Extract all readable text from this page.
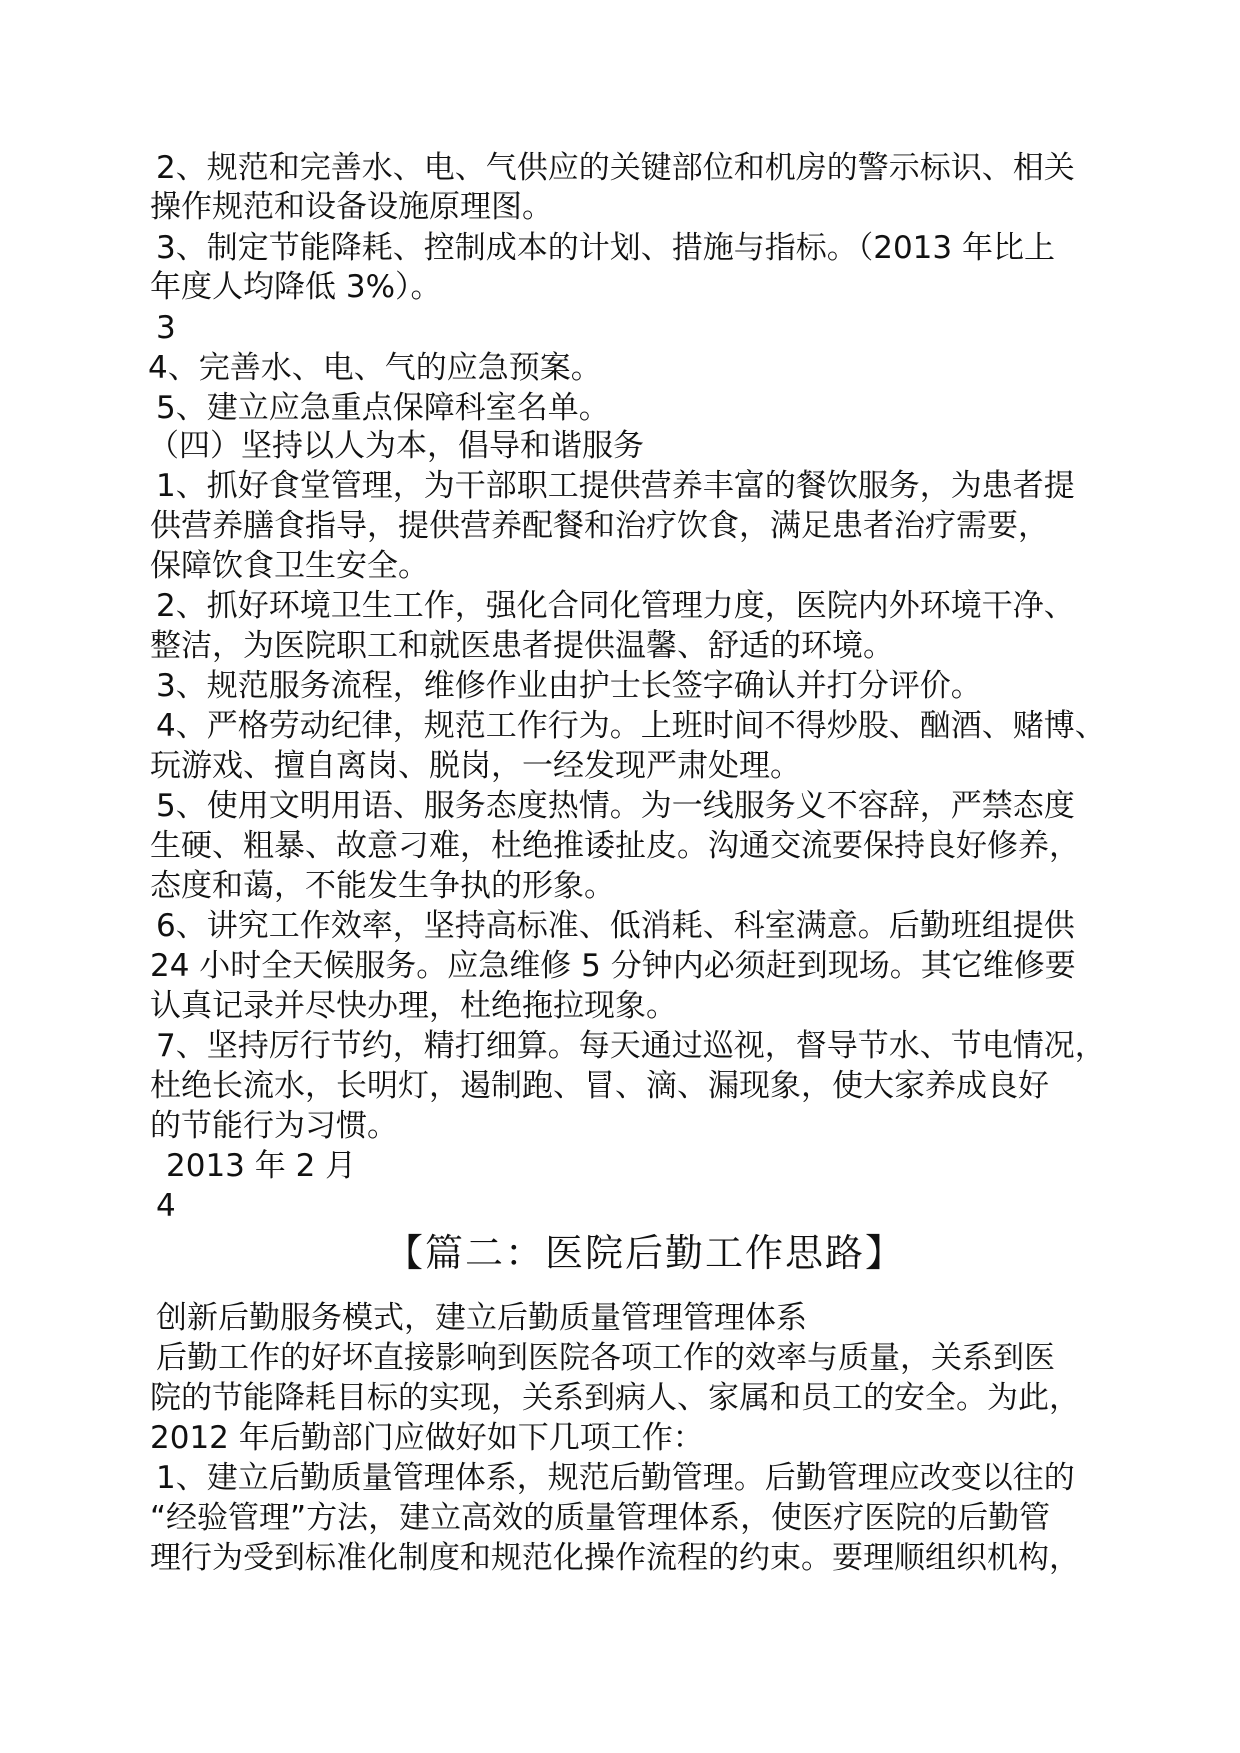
2、规范和完善水、电、气供应的关键部位和机房的警示标识、相关
操作规范和设备设施原理图。
3、制定节能降耗、控制成本的计划、措施与指标。（2013 年比上
年度人均降低 3%）。
3
4、完善水、电、气的应急预案。
5、建立应急重点保障科室名单。
（四）坚持以人为本，倡导和谐服务
1、抓好食堂管理，为干部职工提供营养丰富的餐饮服务，为患者提
供营养膳食指导，提供营养配餐和治疗饮食，满足患者治疗需要，
保障饮食卫生安全。
2、抓好环境卫生工作，强化合同化管理力度，医院内外环境干净、
整洁，为医院职工和就医患者提供温馨、舒适的环境。
3、规范服务流程，维修作业由护士长签字确认并打分评价。
4、严格劳动纪律，规范工作行为。上班时间不得炒股、酗酒、赌博、
玩游戏、擅自离岗、脱岗，一经发现严肃处理。
5、使用文明用语、服务态度热情。为一线服务义不容辞，严禁态度
生硬、粗暴、故意刁难，杜绝推诿扯皮。沟通交流要保持良好修养，
态度和蔼，不能发生争执的形象。
6、讲究工作效率，坚持高标准、低消耗、科室满意。后勤班组提供
24 小时全天候服务。应急维修 5 分钟内必须赶到现场。其它维修要
认真记录并尽快办理，杜绝拖拉现象。
7、坚持厉行节约，精打细算。每天通过巡视，督导节水、节电情况，
杜绝长流水，长明灯，遏制跑、冒、滴、漏现象，使大家养成良好
的节能行为习惯。
2013 年 2 月
4
【篇二：医院后勤工作思路】
创新后勤服务模式，建立后勤质量管理管理体系
后勤工作的好坏直接影响到医院各项工作的效率与质量，关系到医
院的节能降耗目标的实现，关系到病人、家属和员工的安全。为此，
2012 年后勤部门应做好如下几项工作：
1、建立后勤质量管理体系，规范后勤管理。后勤管理应改变以往的
“经验管理”方法，建立高效的质量管理体系，使医疗医院的后勤管
理行为受到标准化制度和规范化操作流程的约束。要理顺组织机构，
